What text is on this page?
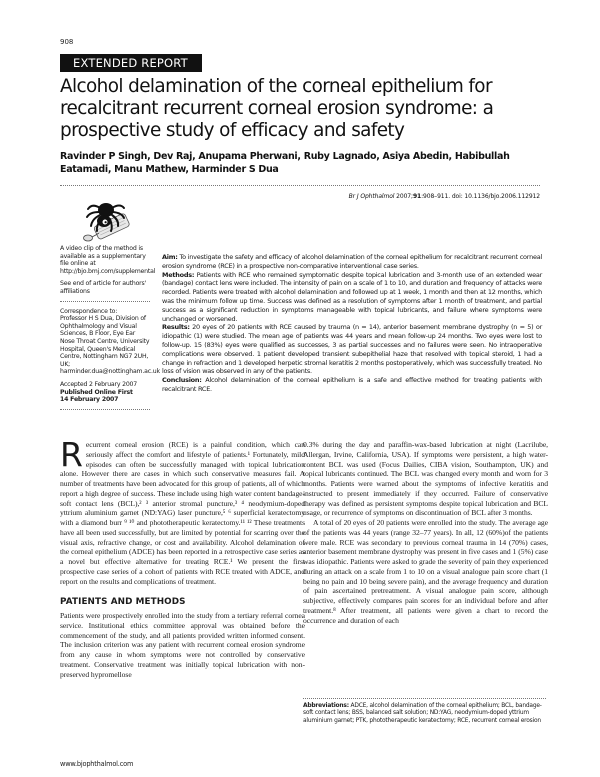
908
EXTENDED REPORT
Alcohol delamination of the corneal epithelium for recalcitrant recurrent corneal erosion syndrome: a prospective study of efficacy and safety
Ravinder P Singh, Dev Raj, Anupama Pherwani, Ruby Lagnado, Asiya Abedin, Habibullah Eatamadi, Manu Mathew, Harminder S Dua
Br J Ophthalmol 2007;91:908–911. doi: 10.1136/bjo.2006.112912

A video clip of the method is available as a supplementary file online at http://bjo.bmj.com/supplemental

See end of article for authors' affiliations

Correspondence to:
Professor H S Dua, Division of Ophthalmology and Visual Sciences, B Floor, Eye Ear Nose Throat Centre, University Hospital, Queen's Medical Centre, Nottingham NG7 2UH, UK; harminder.dua@nottingham.ac.uk

Accepted 2 February 2007
Published Online First
14 February 2007

Aim: To investigate the safety and efficacy of alcohol delamination of the corneal epithelium for recalcitrant recurrent corneal erosion syndrome (RCE) in a prospective non-comparative interventional case series.

Methods: Patients with RCE who remained symptomatic despite topical lubrication and 3-month use of an extended wear (bandage) contact lens were included. The intensity of pain on a scale of 1 to 10, and duration and frequency of attacks were recorded. Patients were treated with alcohol delamination and followed up at 1 week, 1 month and then at 12 months, which was the minimum follow up time. Success was defined as a resolution of symptoms after 1 month of treatment, and partial success as a significant reduction in symptoms manageable with topical lubricants, and failure where symptoms were unchanged or worsened.

Results: 20 eyes of 20 patients with RCE caused by trauma (n = 14), anterior basement membrane dystrophy (n = 5) or idiopathic (1) were studied. The mean age of patients was 44 years and mean follow-up 24 months. Two eyes were lost to follow-up. 15 (83%) eyes were qualified as successes, 3 as partial successes and no failures were seen. No intraoperative complications were observed. 1 patient developed transient subepithelial haze that resolved with topical steroid, 1 had a change in refraction and 1 developed herpetic stromal keratitis 2 months postoperatively, which was successfully treated. No loss of vision was observed in any of the patients.

Conclusion: Alcohol delamination of the corneal epithelium is a safe and effective method for treating patients with recalcitrant RCE.

Recurrent corneal erosion (RCE) is a painful condition, which can seriously affect the comfort and lifestyle of patients.¹ Fortunately, mild episodes can often be successfully managed with topical lubrication alone. However there are cases in which such conservative measures fail. A number of treatments have been advocated for this group of patients, all of which report a high degree of success. These include using high water content bandage-soft contact lens (BCL),² ³ anterior stromal puncture,³ ⁴ neodymium-doped yttrium aluminium garnet (ND:YAG) laser puncture,⁵ ⁶ superficial keratectomy with a diamond burr ⁹ ¹⁰ and phototherapeutic keratectomy.¹¹ ¹² These treatments have all been used successfully, but are limited by potential for scarring over the visual axis, refractive change, or cost and availability. Alcohol delamination of the corneal epithelium (ADCE) has been reported in a retrospective case series as a novel but effective alternative for treating RCE.¹ We present the first prospective case series of a cohort of patients with RCE treated with ADCE, and report on the results and complications of treatment.

PATIENTS AND METHODS

Patients were prospectively enrolled into the study from a tertiary referral cornea service. Institutional ethics committee approval was obtained before the commencement of the study, and all patients provided written informed consent. The inclusion criterion was any patient with recurrent corneal erosion syndrome from any cause in whom symptoms were not controlled by conservative treatment. Conservative treatment was initially topical lubrication with non-preserved hypromellose

0.3% during the day and paraffin-wax-based lubrication at night (Lacrilube, Allergan, Irvine, California, USA). If symptoms were persistent, a high water-content BCL was used (Focus Dailies, CIBA vision, Southampton, UK) and topical lubricants continued. The BCL was changed every month and worn for 3 months. Patients were warned about the symptoms of infective keratitis and instructed to present immediately if they occurred. Failure of conservative therapy was defined as persistent symptoms despite topical lubrication and BCL usage, or recurrence of symptoms on discontinuation of BCL after 3 months.

A total of 20 eyes of 20 patients were enrolled into the study. The average age of the patients was 44 years (range 32–77 years). In all, 12 (60%)of the patients were male. RCE was secondary to previous corneal trauma in 14 (70%) cases, anterior basement membrane dystrophy was present in five cases and 1 (5%) case was idiopathic. Patients were asked to grade the severity of pain they experienced during an attack on a scale from 1 to 10 on a visual analogue pain score chart (1 being no pain and 10 being severe pain), and the average frequency and duration of pain ascertained pretreatment. A visual analogue pain score, although subjective, effectively compares pain scores for an individual before and after treatment.⁸ After treatment, all patients were given a chart to record the occurrence and duration of each

Abbreviations: ADCE, alcohol delamination of the corneal epithelium; BCL, bandage-soft contact lens; BSS, balanced salt solution; ND:YAG, neodymium-doped yttrium aluminium garnet; PTK, phototherapeutic keratectomy; RCE, recurrent corneal erosion
www.bjophthalmol.com
